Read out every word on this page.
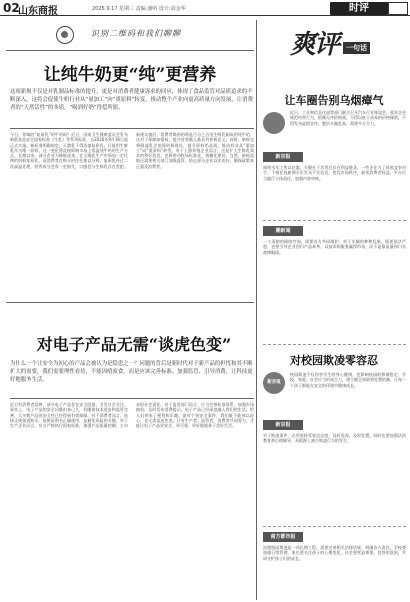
02
山东商报	2025.9.17 星期三 责编:潘明 设计:胡金华	时评
识别二维码和我们聊聊
让纯牛奶更“纯”更营养
这项新规不仅是对乳制品标准的提升，更是对消费者健康诉求的回应，体现了食品监管对品质追求的不断深入。这将会促使牛奶行业从“量加工”向“重原料”转变，推动整个产业向更高质量方向发展，让消费者的“天然活性”的本质，“喝到好奶”得偿所愿。
今日，你喝的“复原乳”的牛奶吗？近日，国家卫生健康委员会发布新版食品安全国家标准《生乳》等系列标准，自2026年9月16日起正式实施。新标准明确规定，灭菌乳不得添加复原乳，只能用生鲜乳作为唯一原料。这一变化将直接影响市场上常温纯牛奶的生产方式。长期以来，部分企业为降低成本，在灭菌乳生产中添加一定比例的奶粉复原乳，而消费者在购买时往往难以分辨。复原乳经过二次高温处理，营养成分会有一定损失，口感也与生鲜乳存在差距。新规实施后，消费者喝到的将是百分之百用生鲜乳制成的纯牛奶，这对于保障知情权、提升营养摄入都具有积极意义。同时，新规也将倒逼乳企加强奶源建设，提升原料奶品质，推动奶业从“重加工”向“重原料”转型。对于上游养殖企业而言，这是扩大生鲜乳需求的利好消息，也将带动牧场标准化、规模化建设。当然，新规落地还需要相关部门加强监管，防止部分企业以次充好，确保政策真正惠及消费者。
对电子产品无需“谈虎色变”
为什么一个让安全为初心的产品会被认为是隐患之一？问题的背后是新时代对于新产品的担忧和其不断扩大的需要，我们需要理性看待，不能因噎废食，而是应该完善标准、加强监管、引导消费，让科技更好地服务生活。
近日有消费者反映，部分电子产品存在安全隐患，引发社会关注。事实上，电子产品的安全问题由来已久，但随着技术进步和监管完善，大多数产品的安全性已经得到有效保障。对于消费者而言，选择正规渠道购买、按照说明书正确使用，是避免风险的关键。对于生产企业而言，应当严格执行国家标准，加强产品质量控制，主动承担社会责任。对于监管部门而言，应当完善标准体系，加强市场抽检，及时发布消费提示。电子产品已经深度融入我们的生活，给人们带来了便利和乐趣。面对个别安全事件，我们既不能掉以轻心，也无需谈虎色变。只有生产者、监管者、消费者共同努力，才能让电子产品更安全、更可靠，更好地服务于美好生活。
爽评	一句话
让车圈告别乌烟瘴气
近日，工业和信息化部等部门联合召开汽车行业座谈会，要求企业规范经营行为，抵制无序价格战，不得以低于成本的价格倾销，不得发布虚假宣传。整治车圈乱象，需要多方合力。
新京报
网络水军之所以泛滥，关键在于其背后存在利益链条。一些企业为了抹黑竞争对手，不惜花钱雇佣水军发布不实信息，扰乱市场秩序，损害消费者权益。平台应当履行主体责任，加强内容审核。
潮新闻
一个清朗的网络空间，需要各方共同维护。对于车圈的种种乱象，既要依法严惩，也要引导企业回归产品本身，以技术和服务赢得市场，而不是靠流量和口水战博眼球。
对校园欺凌零容忍
新京报
校园欺凌不仅伤害学生的身心健康，也影响校园的和谐稳定。学校、家庭、社会应当形成合力，建立健全预防和处置机制，让每一个孩子都能在安全的环境中健康成长。
新京报
对于欺凌事件，必须坚持零容忍态度，及时发现、及时处置。同时也要加强法治教育和心理辅导，从根源上减少欺凌行为的发生。
南方都市报
治理校园欺凌是一项长期工程，需要完善相关法律法规，明确各方责任。学校要加强日常管理，家长要关注孩子的心理变化，社会要营造尊重、包容的氛围，共同守护孩子们的成长。
